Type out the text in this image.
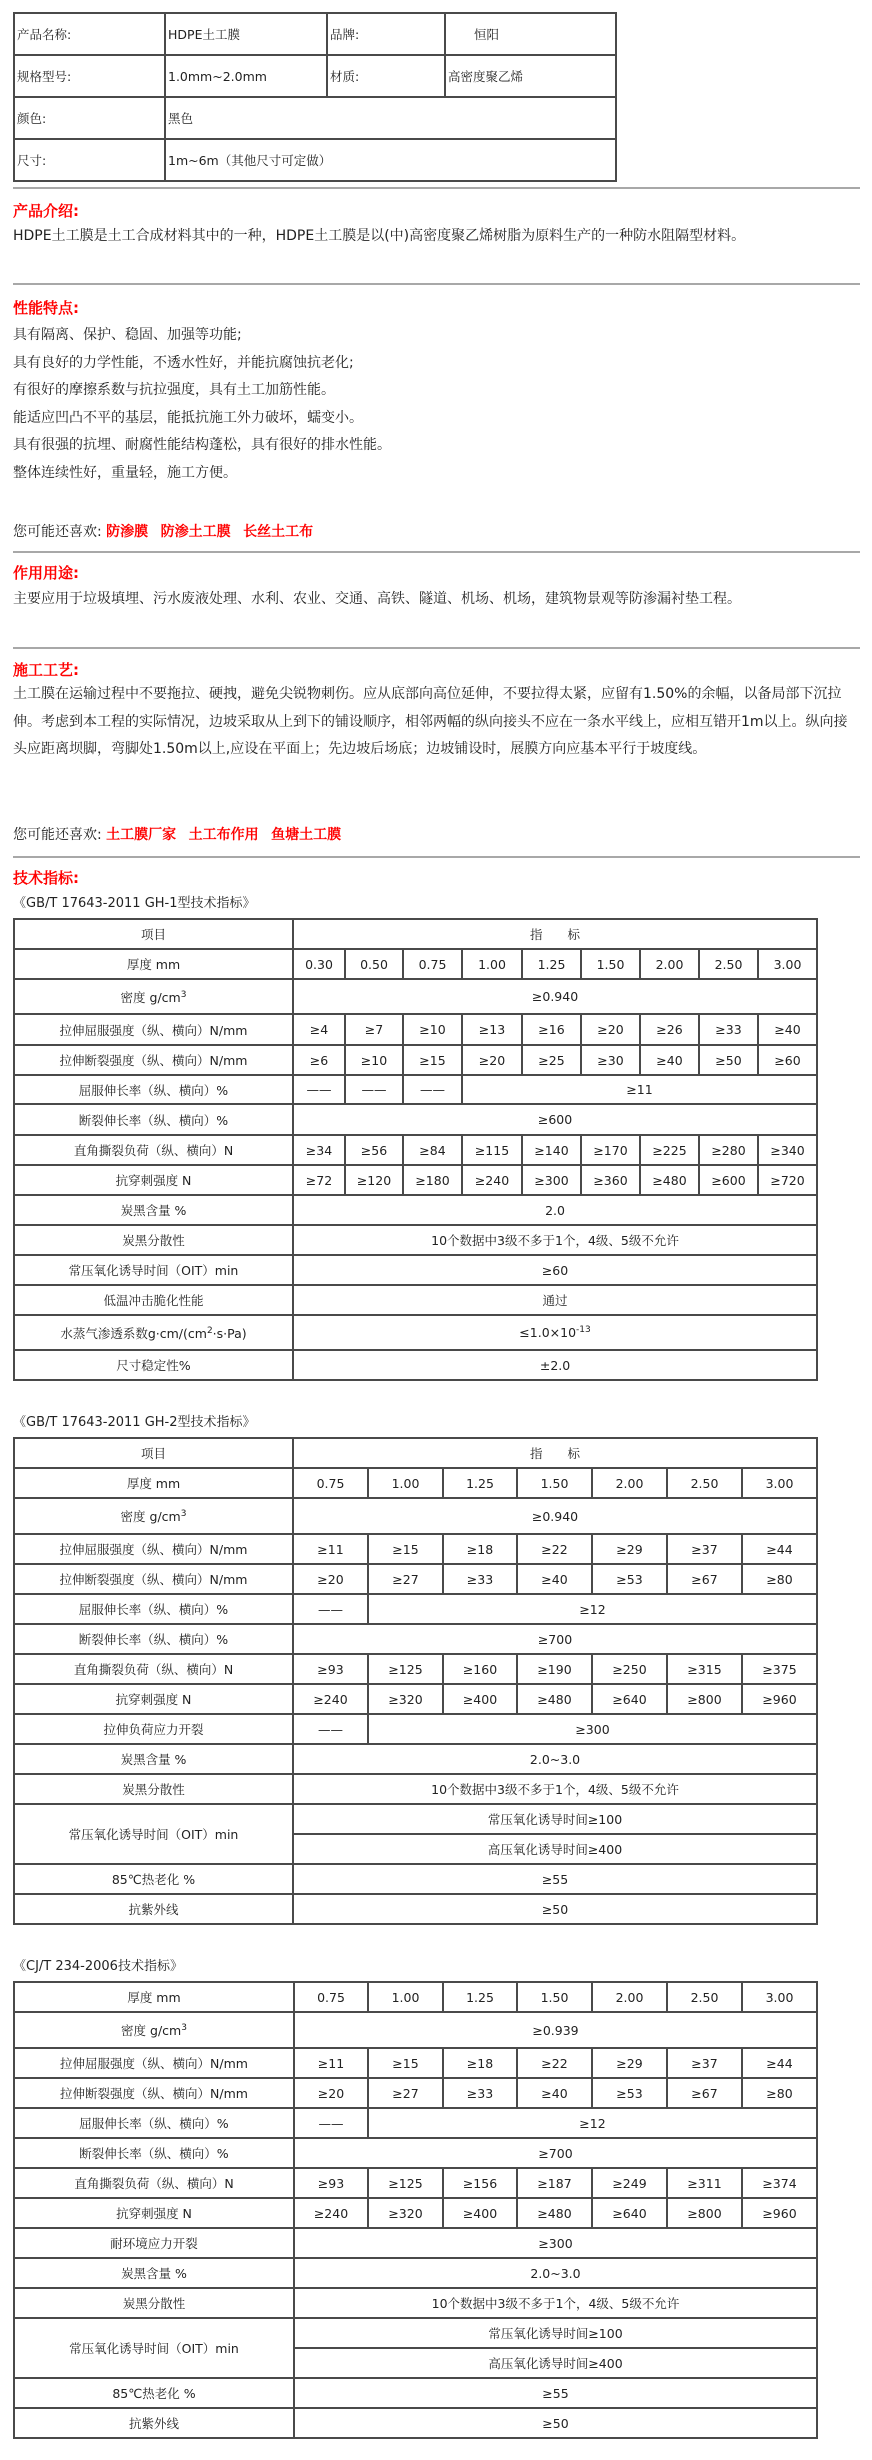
产品名称:	HDPE土工膜	品牌:	恒阳
规格型号:	1.0mm~2.0mm	材质:	高密度聚乙烯
颜色:	黑色		
尺寸:	1m~6m（其他尺寸可定做）		
产品介绍:
HDPE土工膜是土工合成材料其中的一种，HDPE土工膜是以(中)高密度聚乙烯树脂为原料生产的一种防水阻隔型材料。
性能特点:
具有隔离、保护、稳固、加强等功能;
具有良好的力学性能，不透水性好，并能抗腐蚀抗老化;
有很好的摩擦系数与抗拉强度，具有土工加筋性能。
能适应凹凸不平的基层，能抵抗施工外力破坏，蠕变小。
具有很强的抗埋、耐腐性能结构蓬松，具有很好的排水性能。
整体连续性好，重量轻，施工方便。
您可能还喜欢: 防渗膜 防渗土工膜 长丝土工布
作用用途:
主要应用于垃圾填埋、污水废液处理、水利、农业、交通、高铁、隧道、机场、机场，建筑物景观等防渗漏衬垫工程。
施工工艺:
土工膜在运输过程中不要拖拉、硬拽，避免尖锐物刺伤。应从底部向高位延伸，不要拉得太紧，应留有1.50%的余幅，以备局部下沉拉伸。考虑到本工程的实际情况，边坡采取从上到下的铺设顺序，相邻两幅的纵向接头不应在一条水平线上，应相互错开1m以上。纵向接头应距离坝脚，弯脚处1.50m以上,应设在平面上；先边坡后场底；边坡铺设时，展膜方向应基本平行于坡度线。
您可能还喜欢: 土工膜厂家 土工布作用 鱼塘土工膜
技术指标:
《GB/T 17643-2011 GH-1型技术指标》
项目	指　　标								
厚度 mm	0.30	0.50	0.75	1.00	1.25	1.50	2.00	2.50	3.00
密度 $g/cm^3$	≥0.940								
拉伸屈服强度（纵、横向）N/mm	≥4	≥7	≥10	≥13	≥16	≥20	≥26	≥33	≥40
拉伸断裂强度（纵、横向）N/mm	≥6	≥10	≥15	≥20	≥25	≥30	≥40	≥50	≥60
屈服伸长率（纵、横向）%	——	——	——	≥11					
断裂伸长率（纵、横向）%	≥600								
直角撕裂负荷（纵、横向）N	≥34	≥56	≥84	≥115	≥140	≥170	≥225	≥280	≥340
抗穿刺强度 N	≥72	≥120	≥180	≥240	≥300	≥360	≥480	≥600	≥720
炭黑含量 %	2.0								
炭黑分散性	10个数据中3级不多于1个，4级、5级不允许								
常压氧化诱导时间（OIT）min	≥60								
低温冲击脆化性能	通过								
水蒸气渗透系数$g\cdot cm/(cm^2\cdot s\cdot Pa)$	$\le 1.0\times 10^{-13}$
尺寸稳定性%	±2.0								
《GB/T 17643-2011 GH-2型技术指标》
项目	指　　标						
厚度 mm	0.75	1.00	1.25	1.50	2.00	2.50	3.00
密度 $g/cm^3$	≥0.940						
拉伸屈服强度（纵、横向）N/mm	≥11	≥15	≥18	≥22	≥29	≥37	≥44
拉伸断裂强度（纵、横向）N/mm	≥20	≥27	≥33	≥40	≥53	≥67	≥80
屈服伸长率（纵、横向）%	——	≥12					
断裂伸长率（纵、横向）%	≥700						
直角撕裂负荷（纵、横向）N	≥93	≥125	≥160	≥190	≥250	≥315	≥375
抗穿刺强度 N	≥240	≥320	≥400	≥480	≥640	≥800	≥960
拉伸负荷应力开裂	——	≥300					
炭黑含量 %	2.0~3.0						
炭黑分散性	10个数据中3级不多于1个，4级、5级不允许						
常压氧化诱导时间（OIT）min	常压氧化诱导时间≥100						
	高压氧化诱导时间≥400						
85℃热老化 %	≥55						
抗紫外线	≥50						
《CJ/T 234-2006技术指标》
厚度 mm	0.75	1.00	1.25	1.50	2.00	2.50	3.00
密度 $g/cm^3$	≥0.939						
拉伸屈服强度（纵、横向）N/mm	≥11	≥15	≥18	≥22	≥29	≥37	≥44
拉伸断裂强度（纵、横向）N/mm	≥20	≥27	≥33	≥40	≥53	≥67	≥80
屈服伸长率（纵、横向）%	——	≥12					
断裂伸长率（纵、横向）%	≥700						
直角撕裂负荷（纵、横向）N	≥93	≥125	≥156	≥187	≥249	≥311	≥374
抗穿刺强度 N	≥240	≥320	≥400	≥480	≥640	≥800	≥960
耐环境应力开裂	≥300						
炭黑含量 %	2.0~3.0						
炭黑分散性	10个数据中3级不多于1个，4级、5级不允许						
常压氧化诱导时间（OIT）min	常压氧化诱导时间≥100						
	高压氧化诱导时间≥400						
85℃热老化 %	≥55						
抗紫外线	≥50						
